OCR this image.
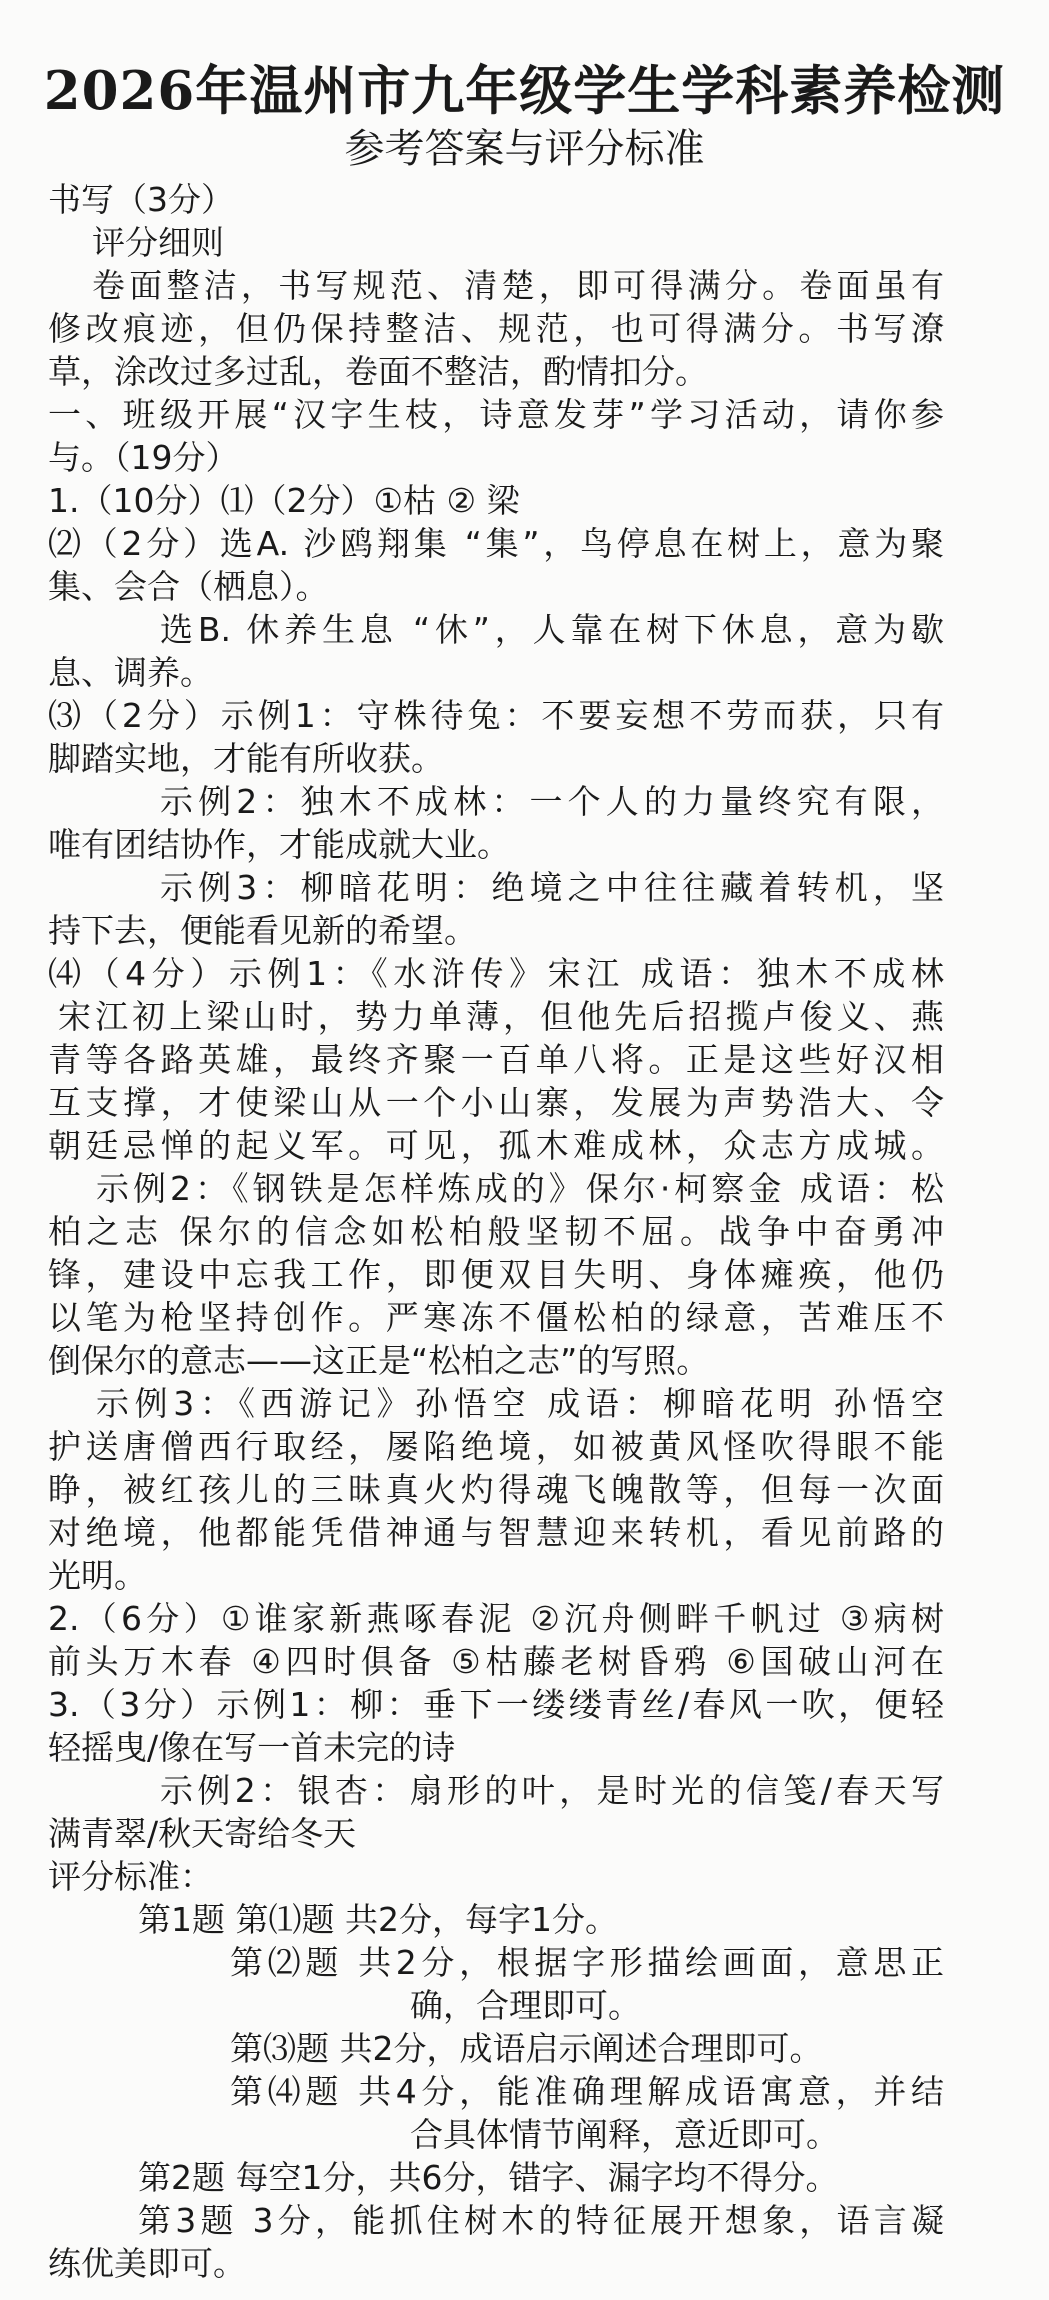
2026年温州市九年级学生学科素养检测
参考答案与评分标准
书写（3分）
评分细则
卷面整洁，书写规范、清楚，即可得满分。卷面虽有
修改痕迹，但仍保持整洁、规范，也可得满分。书写潦
草，涂改过多过乱，卷面不整洁，酌情扣分。
一、班级开展“汉字生枝，诗意发芽”学习活动，请你参
与。（19分）
1.（10分）⑴（2分）①枯 ② 梁
⑵（2分）选A. 沙鸥翔集 “集”，鸟停息在树上，意为聚
集、会合（栖息）。
选B. 休养生息 “休”，人靠在树下休息，意为歇
息、调养。
⑶（2分）示例1：守株待兔：不要妄想不劳而获，只有
脚踏实地，才能有所收获。
示例2：独木不成林：一个人的力量终究有限，
唯有团结协作，才能成就大业。
示例3：柳暗花明：绝境之中往往藏着转机，坚
持下去，便能看见新的希望。
⑷（4分）示例1：《水浒传》宋江 成语：独木不成林
宋江初上梁山时，势力单薄，但他先后招揽卢俊义、燕
青等各路英雄，最终齐聚一百单八将。正是这些好汉相
互支撑，才使梁山从一个小山寨，发展为声势浩大、令
朝廷忌惮的起义军。可见，孤木难成林，众志方成城。
示例2：《钢铁是怎样炼成的》保尔·柯察金 成语：松
柏之志 保尔的信念如松柏般坚韧不屈。战争中奋勇冲
锋，建设中忘我工作，即便双目失明、身体瘫痪，他仍
以笔为枪坚持创作。严寒冻不僵松柏的绿意，苦难压不
倒保尔的意志——这正是“松柏之志”的写照。
示例3：《西游记》孙悟空 成语：柳暗花明 孙悟空
护送唐僧西行取经，屡陷绝境，如被黄风怪吹得眼不能
睁，被红孩儿的三昧真火灼得魂飞魄散等，但每一次面
对绝境，他都能凭借神通与智慧迎来转机，看见前路的
光明。
2.（6分）①谁家新燕啄春泥 ②沉舟侧畔千帆过 ③病树
前头万木春 ④四时俱备 ⑤枯藤老树昏鸦 ⑥国破山河在
3.（3分）示例1：柳：垂下一缕缕青丝/春风一吹，便轻
轻摇曳/像在写一首未完的诗
示例2：银杏：扇形的叶，是时光的信笺/春天写
满青翠/秋天寄给冬天
评分标准：
第1题 第⑴题 共2分，每字1分。
第⑵题 共2分，根据字形描绘画面，意思正
确，合理即可。
第⑶题 共2分，成语启示阐述合理即可。
第⑷题 共4分，能准确理解成语寓意，并结
合具体情节阐释，意近即可。
第2题 每空1分，共6分，错字、漏字均不得分。
第3题 3分，能抓住树木的特征展开想象，语言凝
练优美即可。
